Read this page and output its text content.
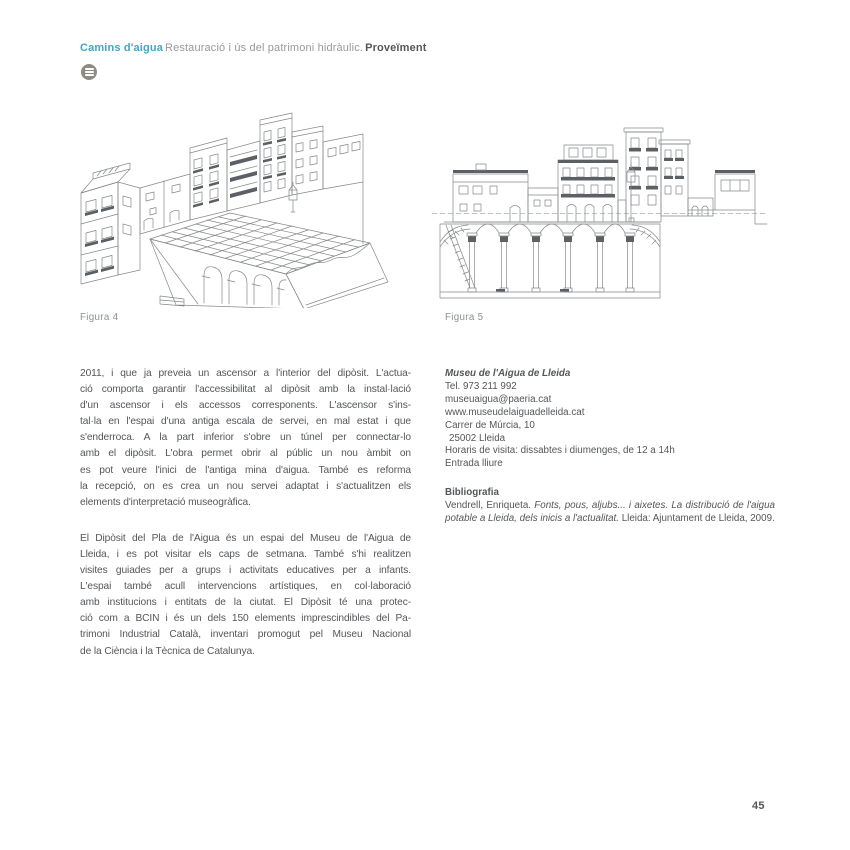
Camins d'aigua Restauració i ús del patrimoni hidràulic. Proveïment

Figura 4	Figura 5

2011, i que ja preveia un ascensor a l'interior del dipòsit. L'actua-
ció comporta garantir l'accessibilitat al dipòsit amb la instal·lació
d'un ascensor i els accessos corresponents. L'ascensor s'ins-
tal·la en l'espai d'una antiga escala de servei, en mal estat i que
s'enderroca. A la part inferior s'obre un túnel per connectar-lo
amb el dipòsit. L'obra permet obrir al públic un nou àmbit on
es pot veure l'inici de l'antiga mina d'aigua. També es reforma
la recepció, on es crea un nou servei adaptat i s'actualitzen els
elements d'interpretació museogràfica.

El Dipòsit del Pla de l'Aigua és un espai del Museu de l'Aigua de
Lleida, i es pot visitar els caps de setmana. També s'hi realitzen
visites guiades per a grups i activitats educatives per a infants.
L'espai també acull intervencions artístiques, en col·laboració
amb institucions i entitats de la ciutat. El Dipòsit té una protec-
ció com a BCIN i és un dels 150 elements imprescindibles del Pa-
trimoni Industrial Català, inventari promogut pel Museu Nacional
de la Ciència i la Tècnica de Catalunya.

Museu de l'Aigua de Lleida
Tel. 973 211 992
museuaigua@paeria.cat
www.museudelaiguadelleida.cat
Carrer de Múrcia, 10
25002 Lleida
Horaris de visita: dissabtes i diumenges, de 12 a 14h
Entrada lliure
Bibliografia

Vendrell, Enriqueta. Fonts, pous, aljubs... i aixetes. La distribució de l'aigua potable a Lleida, dels inicis a l'actualitat. Lleida: Ajuntament de Lleida, 2009.

45
